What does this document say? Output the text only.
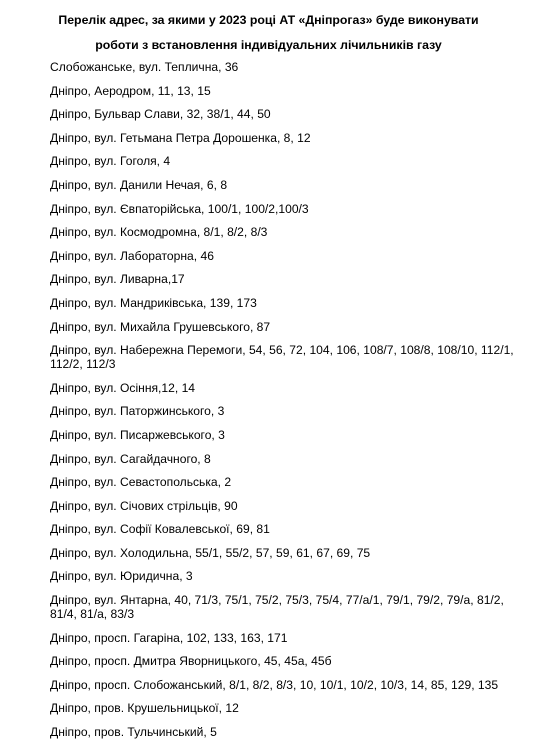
Перелік адрес, за якими у 2023 році АТ «Дніпрогаз» буде виконувати
роботи з встановлення індивідуальних лічильників газу
Слобожанське, вул. Теплична, 36
Дніпро, Аеродром, 11, 13, 15
Дніпро, Бульвар Слави, 32, 38/1, 44, 50
Дніпро, вул. Гетьмана Петра Дорошенка, 8, 12
Дніпро, вул. Гоголя, 4
Дніпро, вул. Данили Нечая, 6, 8
Дніпро, вул. Євпаторійська, 100/1, 100/2,100/3
Дніпро, вул. Космодромна, 8/1, 8/2, 8/3
Дніпро, вул. Лабораторна, 46
Дніпро, вул. Ливарна,17
Дніпро, вул. Мандриківська, 139, 173
Дніпро, вул. Михайла Грушевського, 87
Дніпро, вул. Набережна Перемоги, 54, 56, 72, 104, 106, 108/7, 108/8, 108/10, 112/1, 112/2, 112/3
Дніпро, вул. Осіння,12, 14
Дніпро, вул. Паторжинського, 3
Дніпро, вул. Писаржевського, 3
Дніпро, вул. Сагайдачного, 8
Дніпро, вул. Севастопольська, 2
Дніпро, вул. Січових стрільців, 90
Дніпро, вул. Софії Ковалевської, 69, 81
Дніпро, вул. Холодильна, 55/1, 55/2, 57, 59, 61, 67, 69, 75
Дніпро, вул. Юридична, 3
Дніпро, вул. Янтарна, 40, 71/3, 75/1, 75/2, 75/3, 75/4, 77/а/1, 79/1, 79/2, 79/а, 81/2, 81/4, 81/а, 83/3
Дніпро, просп. Гагаріна, 102, 133, 163, 171
Дніпро, просп. Дмитра Яворницького, 45, 45а, 45б
Дніпро, просп. Слобожанський, 8/1, 8/2, 8/3, 10, 10/1, 10/2, 10/3, 14, 85, 129, 135
Дніпро, пров. Крушельницької, 12
Дніпро, пров. Тульчинський, 5
